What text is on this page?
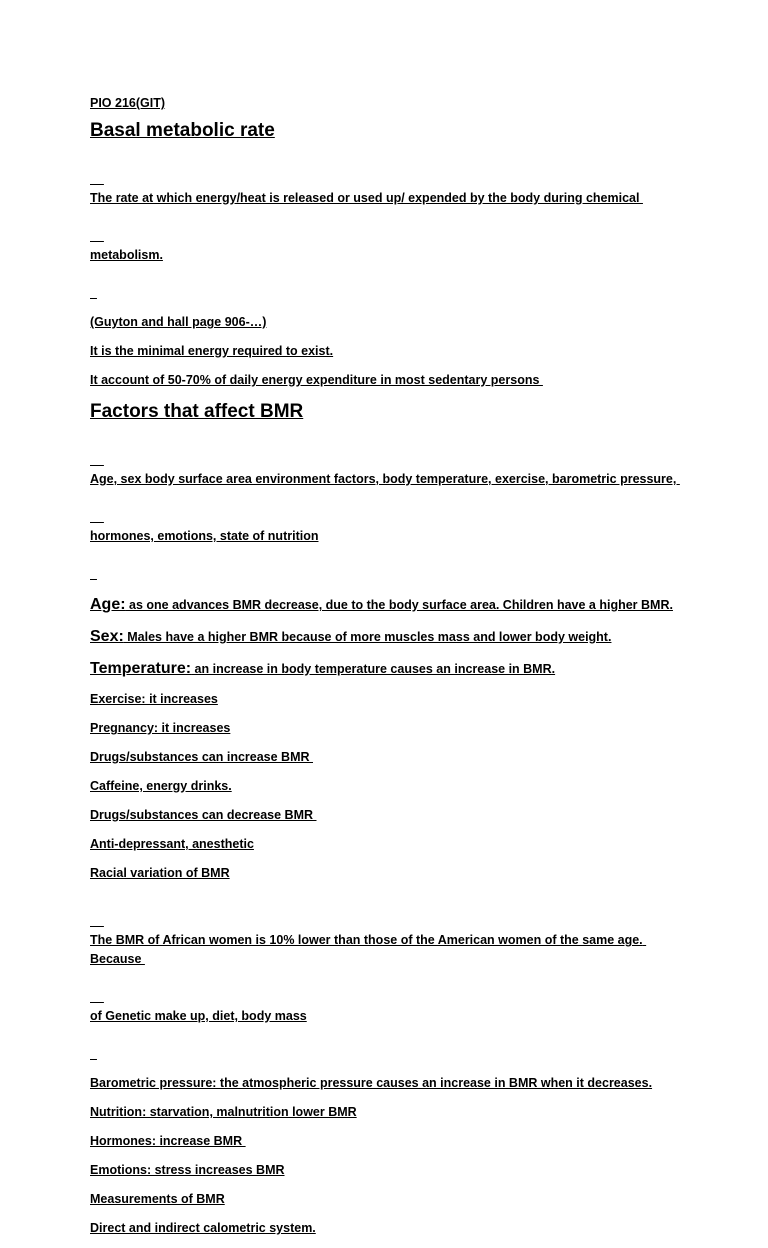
PIO 216(GIT)
Basal metabolic rate

The rate at which energy/heat is released or used up/ expended by the body during chemical

metabolism.

(Guyton and hall page 906-…)
It is the minimal energy required to exist.
It account of 50-70% of daily energy expenditure in most sedentary persons
Factors that affect BMR

Age, sex body surface area environment factors, body temperature, exercise, barometric pressure,

hormones, emotions, state of nutrition

Age: as one advances BMR decrease, due to the body surface area. Children have a higher BMR.
Sex: Males have a higher BMR because of more muscles mass and lower body weight.
Temperature: an increase in body temperature causes an increase in BMR.
Exercise: it increases
Pregnancy: it increases
Drugs/substances can increase BMR
Caffeine, energy drinks.
Drugs/substances can decrease BMR
Anti-depressant, anesthetic
Racial variation of BMR

The BMR of African women is 10% lower than those of the American women of the same age. Because

of Genetic make up, diet, body mass

Barometric pressure: the atmospheric pressure causes an increase in BMR when it decreases.
Nutrition: starvation, malnutrition lower BMR
Hormones: increase BMR
Emotions: stress increases BMR
Measurements of BMR
Direct and indirect calometric system.
